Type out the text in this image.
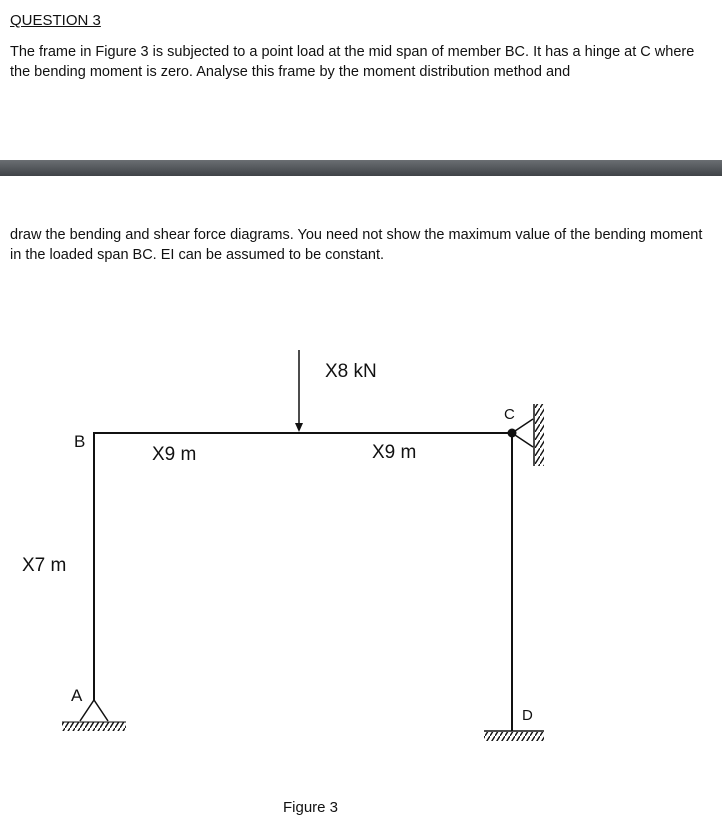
QUESTION 3

The frame in Figure 3 is subjected to a point load at the mid span of member BC. It has a hinge at C where the bending moment is zero. Analyse this frame by the moment distribution method and

draw the bending and shear force diagrams. You need not show the maximum value of the bending moment in the loaded span BC. EI can be assumed to be constant.

X8 kN
X9 m	X9 m
X7 m
A
B
C
D
Figure 3
